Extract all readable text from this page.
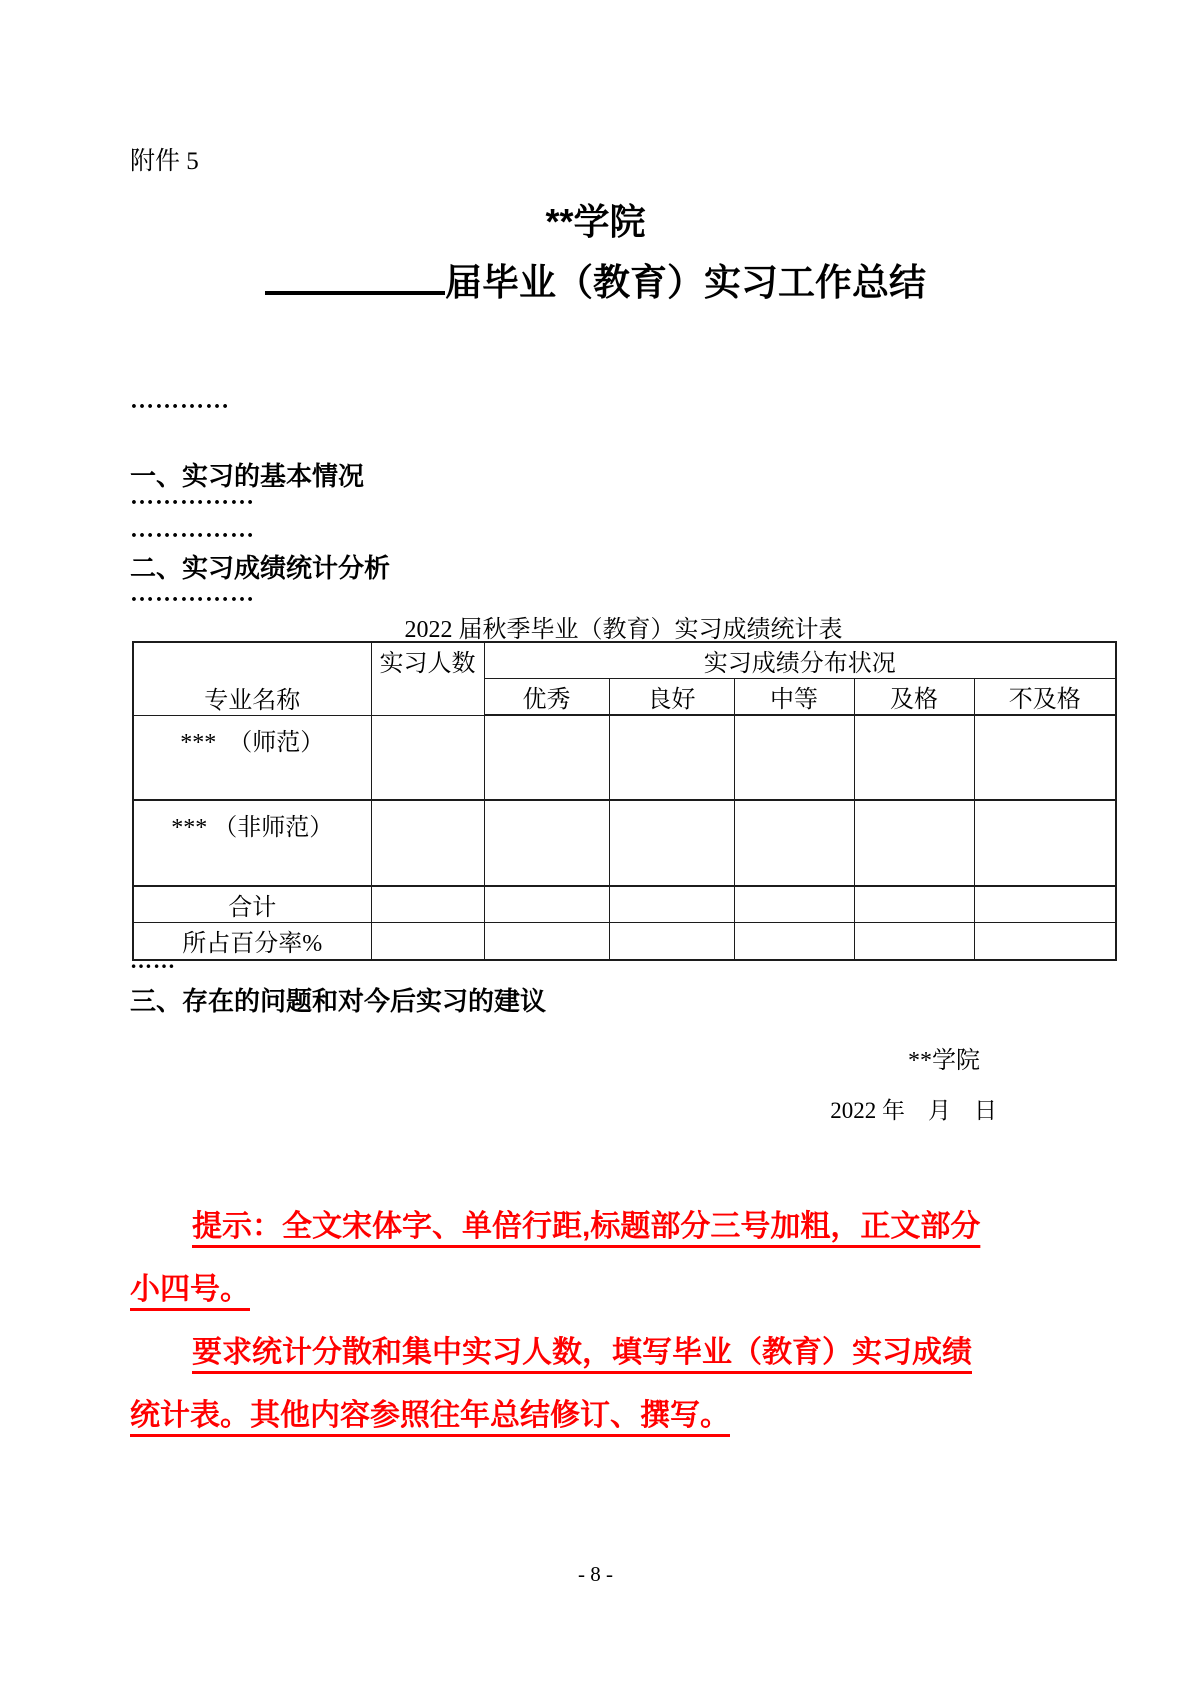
附件 5
**学院
届毕业（教育）实习工作总结
…………
一、实习的基本情况
……………
……………
二、实习成绩统计分析
……………
2022 届秋季毕业（教育）实习成绩统计表
专业名称	实习人数	实习成绩分布状况				
		优秀	良好	中等	及格	不及格
***　（师范）						
*** （非师范）						
合计						
所占百分率%						
……
三、存在的问题和对今后实习的建议
**学院
2022 年　月　日
提示：全文宋体字、单倍行距,标题部分三号加粗，正文部分
小四号。
要求统计分散和集中实习人数，填写毕业（教育）实习成绩
统计表。其他内容参照往年总结修订、撰写。
- 8 -
